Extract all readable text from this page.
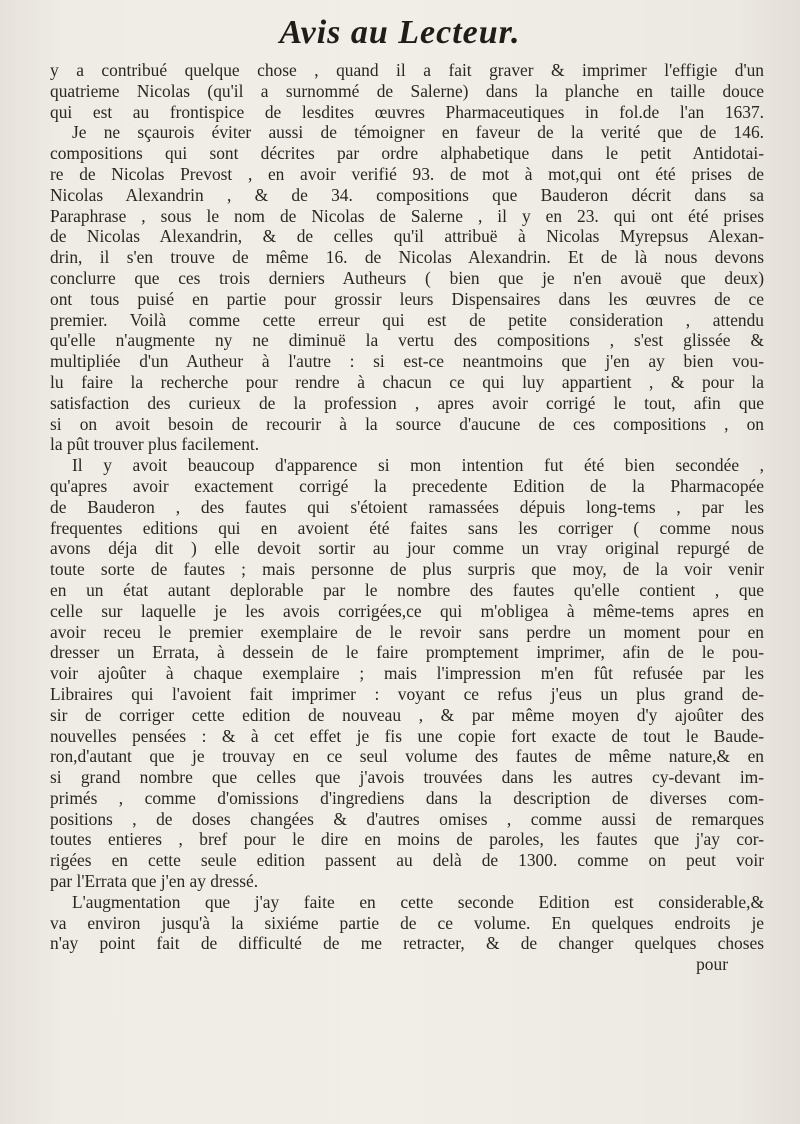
Avis au Lecteur.
y a contribué quelque chose , quand il a fait graver & imprimer l'effigie d'un
quatrieme Nicolas (qu'il a surnommé de Salerne) dans la planche en taille douce
qui est au frontispice de lesdites œuvres Pharmaceutiques in fol.de l'an 1637.
Je ne sçaurois éviter aussi de témoigner en faveur de la verité que de 146.
compositions qui sont décrites par ordre alphabetique dans le petit Antidotai-
re de Nicolas Prevost , en avoir verifié 93. de mot à mot,qui ont été prises de
Nicolas Alexandrin , & de 34. compositions que Bauderon décrit dans sa
Paraphrase , sous le nom de Nicolas de Salerne , il y en 23. qui ont été prises
de Nicolas Alexandrin, & de celles qu'il attribuë à Nicolas Myrepsus Alexan-
drin, il s'en trouve de même 16. de Nicolas Alexandrin. Et de là nous devons
conclurre que ces trois derniers Autheurs ( bien que je n'en avouë que deux)
ont tous puisé en partie pour grossir leurs Dispensaires dans les œuvres de ce
premier. Voilà comme cette erreur qui est de petite consideration , attendu
qu'elle n'augmente ny ne diminuë la vertu des compositions , s'est glissée &
multipliée d'un Autheur à l'autre : si est-ce neantmoins que j'en ay bien vou-
lu faire la recherche pour rendre à chacun ce qui luy appartient , & pour la
satisfaction des curieux de la profession , apres avoir corrigé le tout, afin que
si on avoit besoin de recourir à la source d'aucune de ces compositions , on
la pût trouver plus facilement.
Il y avoit beaucoup d'apparence si mon intention fut été bien secondée ,
qu'apres avoir exactement corrigé la precedente Edition de la Pharmacopée
de Bauderon , des fautes qui s'étoient ramassées dépuis long-tems , par les
frequentes editions qui en avoient été faites sans les corriger ( comme nous
avons déja dit ) elle devoit sortir au jour comme un vray original repurgé de
toute sorte de fautes ; mais personne de plus surpris que moy, de la voir venir
en un état autant deplorable par le nombre des fautes qu'elle contient , que
celle sur laquelle je les avois corrigées,ce qui m'obligea à même-tems apres en
avoir receu le premier exemplaire de le revoir sans perdre un moment pour en
dresser un Errata, à dessein de le faire promptement imprimer, afin de le pou-
voir ajoûter à chaque exemplaire ; mais l'impression m'en fût refusée par les
Libraires qui l'avoient fait imprimer : voyant ce refus j'eus un plus grand de-
sir de corriger cette edition de nouveau , & par même moyen d'y ajoûter des
nouvelles pensées : & à cet effet je fis une copie fort exacte de tout le Baude-
ron,d'autant que je trouvay en ce seul volume des fautes de même nature,& en
si grand nombre que celles que j'avois trouvées dans les autres cy-devant im-
primés , comme d'omissions d'ingrediens dans la description de diverses com-
positions , de doses changées & d'autres omises , comme aussi de remarques
toutes entieres , bref pour le dire en moins de paroles, les fautes que j'ay cor-
rigées en cette seule edition passent au delà de 1300. comme on peut voir
par l'Errata que j'en ay dressé.
L'augmentation que j'ay faite en cette seconde Edition est considerable,&
va environ jusqu'à la sixiéme partie de ce volume. En quelques endroits je
n'ay point fait de difficulté de me retracter, & de changer quelques choses
pour
